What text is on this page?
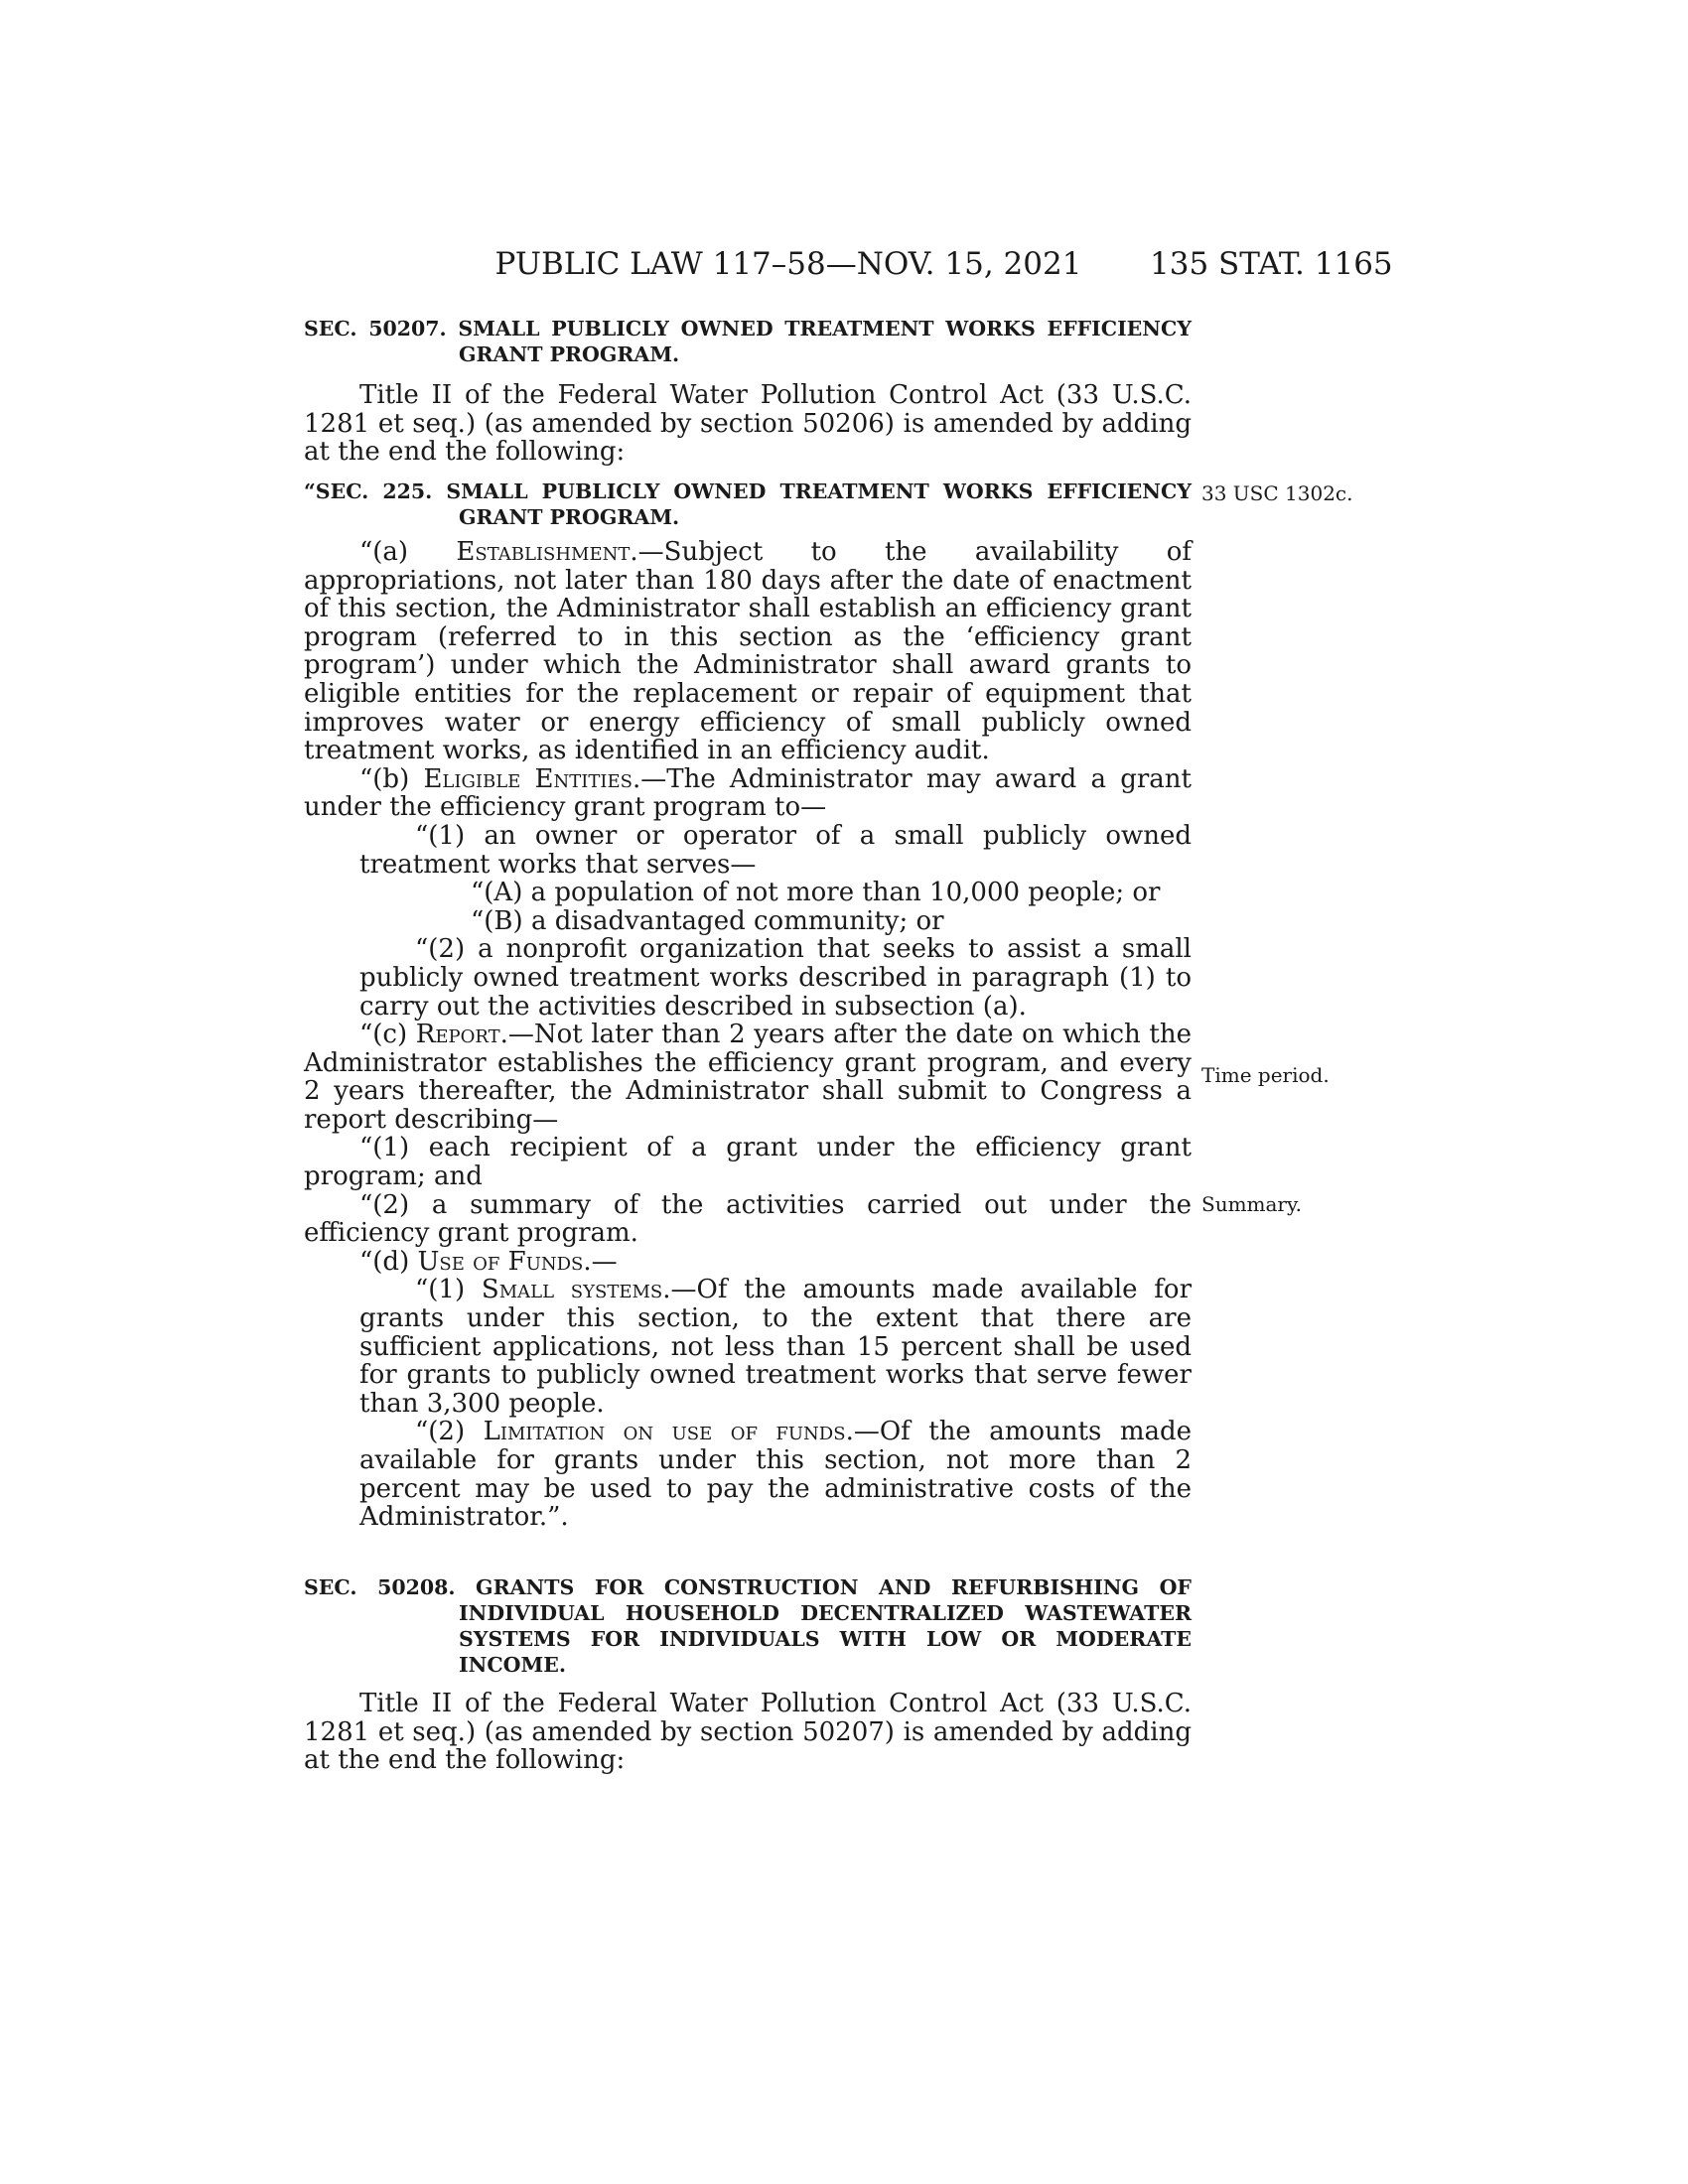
PUBLIC LAW 117–58—NOV. 15, 2021	135 STAT. 1165
SEC. 50207. SMALL PUBLICLY OWNED TREATMENT WORKS EFFICIENCY GRANT PROGRAM.
Title II of the Federal Water Pollution Control Act (33 U.S.C. 1281 et seq.) (as amended by section 50206) is amended by adding at the end the following:
“SEC. 225. SMALL PUBLICLY OWNED TREATMENT WORKS EFFICIENCY GRANT PROGRAM.
33 USC 1302c.
“(a) Establishment.—Subject to the availability of appropriations, not later than 180 days after the date of enactment of this section, the Administrator shall establish an efficiency grant program (referred to in this section as the ‘efficiency grant program’) under which the Administrator shall award grants to eligible entities for the replacement or repair of equipment that improves water or energy efficiency of small publicly owned treatment works, as identified in an efficiency audit.
“(b) Eligible Entities.—The Administrator may award a grant under the efficiency grant program to—
“(1) an owner or operator of a small publicly owned treatment works that serves—
“(A) a population of not more than 10,000 people; or
“(B) a disadvantaged community; or
“(2) a nonprofit organization that seeks to assist a small publicly owned treatment works described in paragraph (1) to carry out the activities described in subsection (a).
“(c) Report.—Not later than 2 years after the date on which the Administrator establishes the efficiency grant program, and every 2 years thereafter, the Administrator shall submit to Congress a report describing—
“(1) each recipient of a grant under the efficiency grant program; and
“(2) a summary of the activities carried out under the efficiency grant program.
“(d) Use of Funds.—
“(1) Small systems.—Of the amounts made available for grants under this section, to the extent that there are sufficient applications, not less than 15 percent shall be used for grants to publicly owned treatment works that serve fewer than 3,300 people.
“(2) Limitation on use of funds.—Of the amounts made available for grants under this section, not more than 2 percent may be used to pay the administrative costs of the Administrator.”.
Time period.
Summary.
SEC. 50208. GRANTS FOR CONSTRUCTION AND REFURBISHING OF INDIVIDUAL HOUSEHOLD DECENTRALIZED WASTEWATER SYSTEMS FOR INDIVIDUALS WITH LOW OR MODERATE INCOME.
Title II of the Federal Water Pollution Control Act (33 U.S.C. 1281 et seq.) (as amended by section 50207) is amended by adding at the end the following:
